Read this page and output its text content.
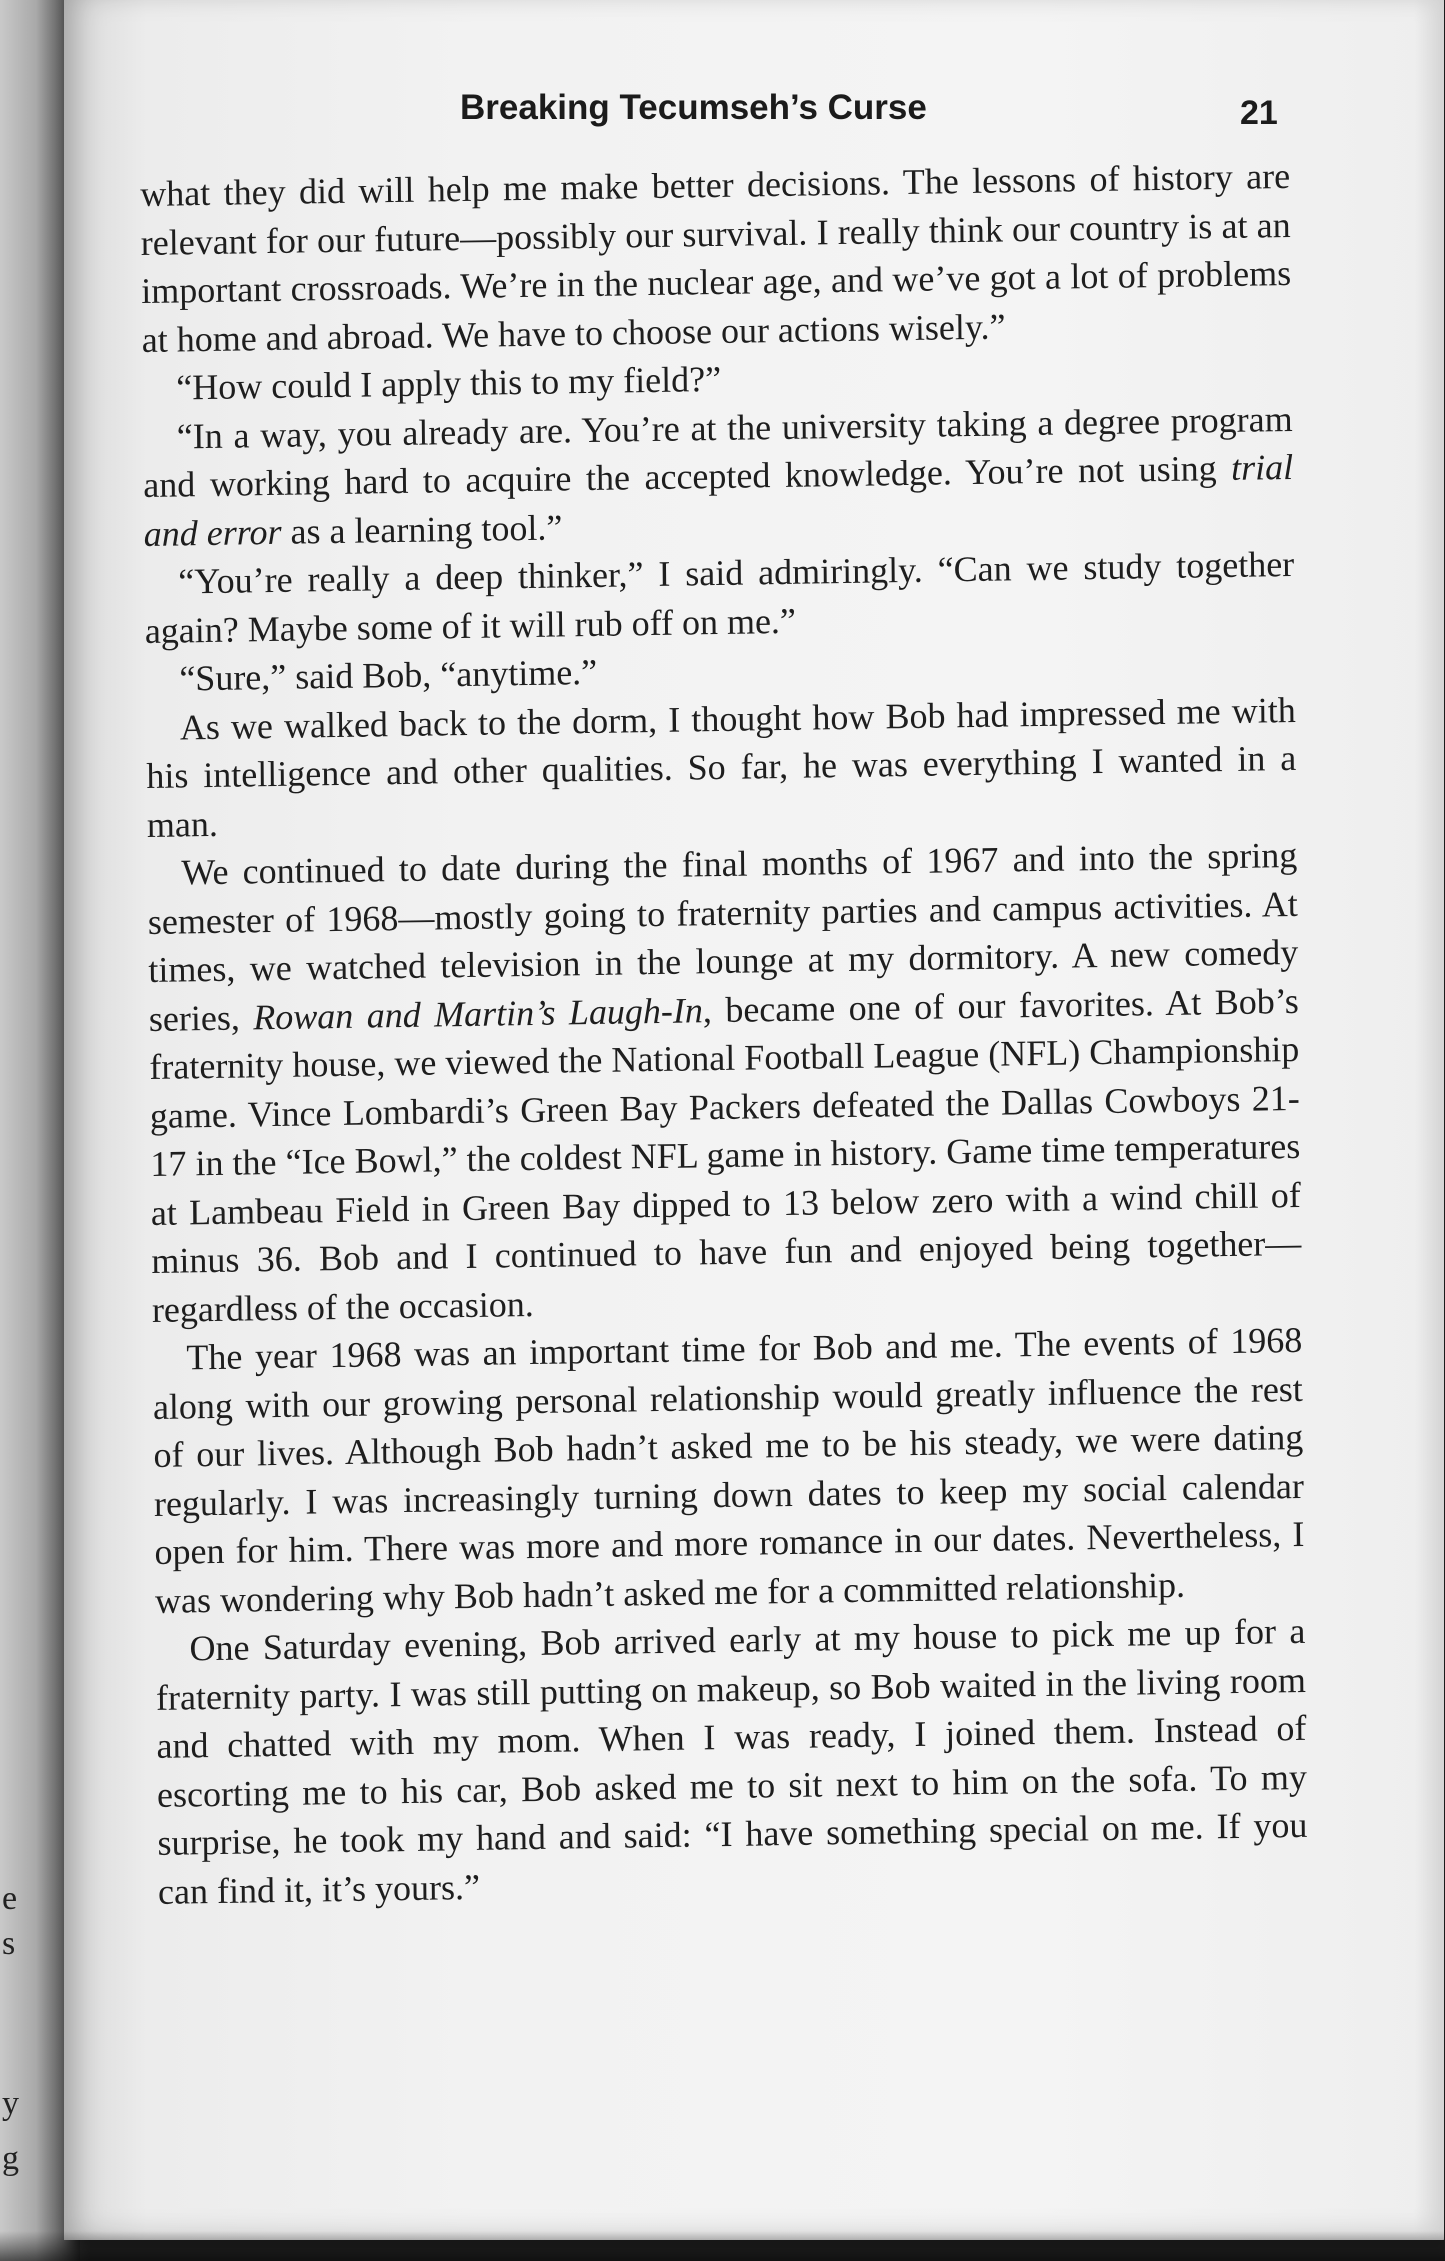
e
s
y
g
Breaking Tecumseh’s Curse	21

what they did will help me make better decisions. The lessons of history are relevant for our future—possibly our survival. I really think our country is at an important crossroads. We’re in the nuclear age, and we’ve got a lot of problems at home and abroad. We have to choose our actions wisely.”

“How could I apply this to my field?”

“In a way, you already are. You’re at the university taking a degree program and working hard to acquire the accepted knowledge. You’re not using trial and error as a learning tool.”

“You’re really a deep thinker,” I said admiringly. “Can we study together again? Maybe some of it will rub off on me.”

“Sure,” said Bob, “anytime.”

As we walked back to the dorm, I thought how Bob had impressed me with his intelligence and other qualities. So far, he was everything I wanted in a man.

We continued to date during the final months of 1967 and into the spring semester of 1968—mostly going to fraternity parties and campus activities. At times, we watched television in the lounge at my dormitory. A new comedy series, Rowan and Martin’s Laugh-In, became one of our favorites. At Bob’s fraternity house, we viewed the National Football League (NFL) Championship game. Vince Lombardi’s Green Bay Packers defeated the Dallas Cowboys 21-17 in the “Ice Bowl,” the coldest NFL game in history. Game time temperatures at Lambeau Field in Green Bay dipped to 13 below zero with a wind chill of minus 36. Bob and I continued to have fun and enjoyed being together—regardless of the occasion.

The year 1968 was an important time for Bob and me. The events of 1968 along with our growing personal relationship would greatly influence the rest of our lives. Although Bob hadn’t asked me to be his steady, we were dating regularly. I was increasingly turning down dates to keep my social calendar open for him. There was more and more romance in our dates. Nevertheless, I was wondering why Bob hadn’t asked me for a committed relationship.

One Saturday evening, Bob arrived early at my house to pick me up for a fraternity party. I was still putting on makeup, so Bob waited in the living room and chatted with my mom. When I was ready, I joined them. Instead of escorting me to his car, Bob asked me to sit next to him on the sofa. To my surprise, he took my hand and said: “I have something special on me. If you can find it, it’s yours.”
